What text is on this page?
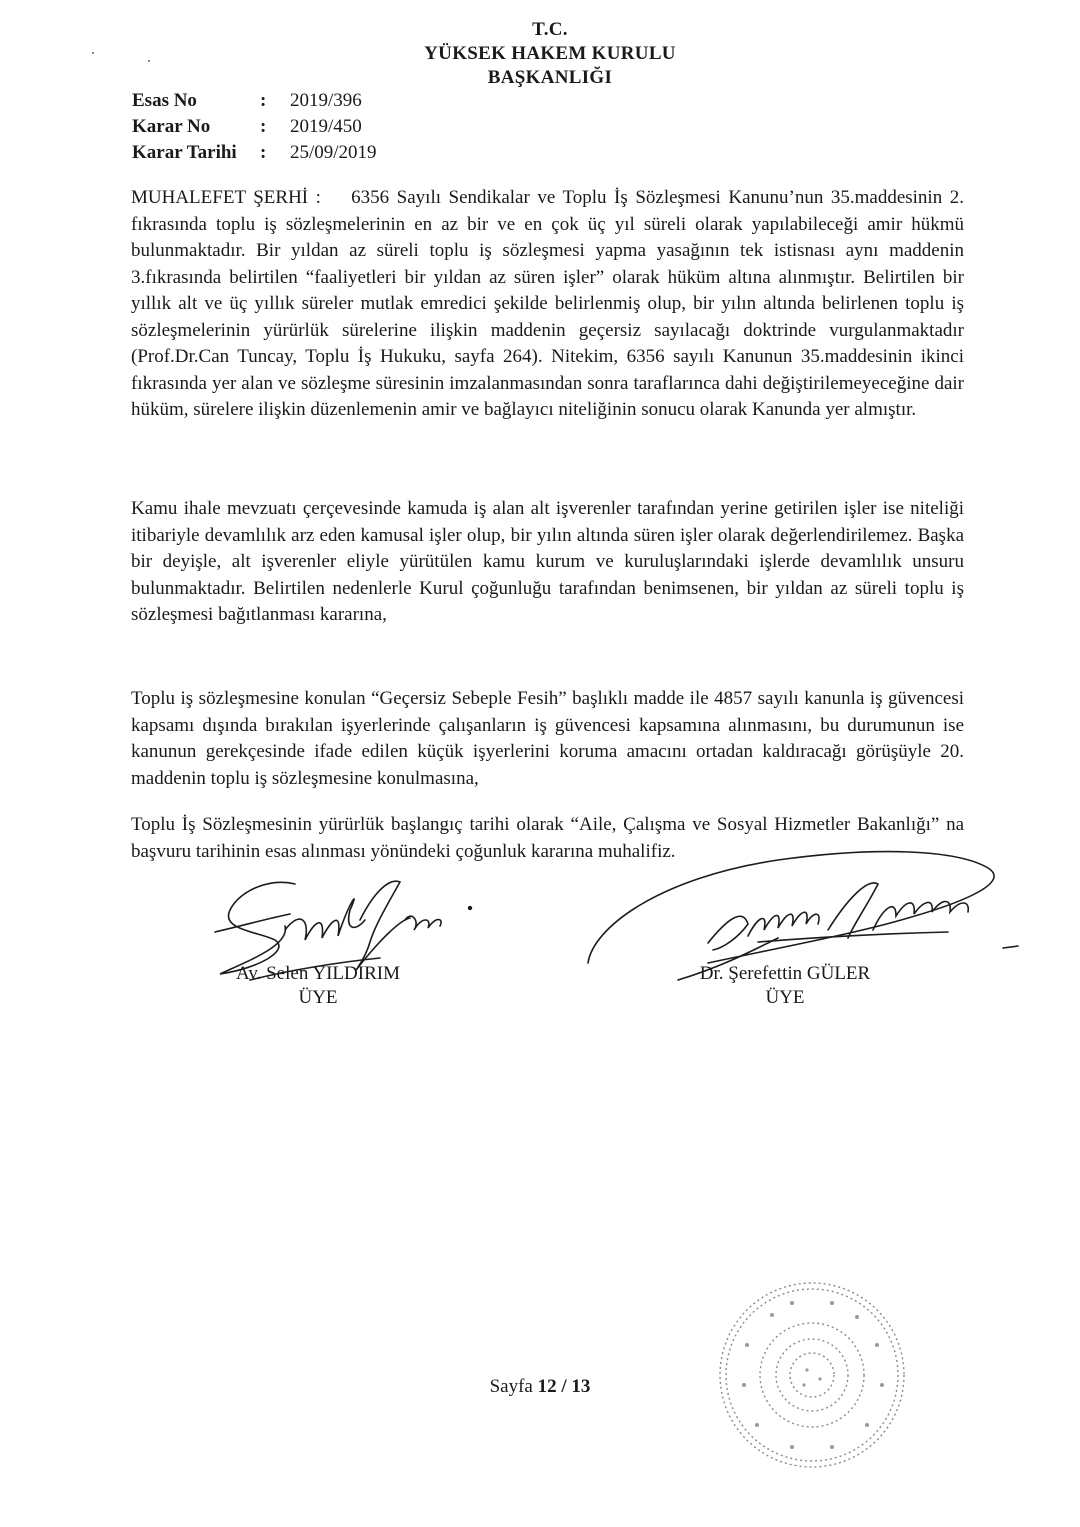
T.C.
YÜKSEK HAKEM KURULU
BAŞKANLIĞI
Esas No	:	2019/396
Karar No	:	2019/450
Karar Tarihi	:	25/09/2019
MUHALEFET ŞERHİ : 6356 Sayılı Sendikalar ve Toplu İş Sözleşmesi Kanunu’nun 35.maddesinin 2. fıkrasında toplu iş sözleşmelerinin en az bir ve en çok üç yıl süreli olarak yapılabileceği amir hükmü bulunmaktadır. Bir yıldan az süreli toplu iş sözleşmesi yapma yasağının tek istisnası aynı maddenin 3.fıkrasında belirtilen “faaliyetleri bir yıldan az süren işler” olarak hüküm altına alınmıştır. Belirtilen bir yıllık alt ve üç yıllık süreler mutlak emredici şekilde belirlenmiş olup, bir yılın altında belirlenen toplu iş sözleşmelerinin yürürlük sürelerine ilişkin maddenin geçersiz sayılacağı doktrinde vurgulanmaktadır (Prof.Dr.Can Tuncay, Toplu İş Hukuku, sayfa 264). Nitekim, 6356 sayılı Kanunun 35.maddesinin ikinci fıkrasında yer alan ve sözleşme süresinin imzalanmasından sonra taraflarınca dahi değiştirilemeyeceğine dair hüküm, sürelere ilişkin düzenlemenin amir ve bağlayıcı niteliğinin sonucu olarak Kanunda yer almıştır.
Kamu ihale mevzuatı çerçevesinde kamuda iş alan alt işverenler tarafından yerine getirilen işler ise niteliği itibariyle devamlılık arz eden kamusal işler olup, bir yılın altında süren işler olarak değerlendirilemez. Başka bir deyişle, alt işverenler eliyle yürütülen kamu kurum ve kuruluşlarındaki işlerde devamlılık unsuru bulunmaktadır. Belirtilen nedenlerle Kurul çoğunluğu tarafından benimsenen, bir yıldan az süreli toplu iş sözleşmesi bağıtlanması kararına,
Toplu iş sözleşmesine konulan “Geçersiz Sebeple Fesih” başlıklı madde ile 4857 sayılı kanunla iş güvencesi kapsamı dışında bırakılan işyerlerinde çalışanların iş güvencesi kapsamına alınmasını, bu durumunun ise kanunun gerekçesinde ifade edilen küçük işyerlerini koruma amacını ortadan kaldıracağı görüşüyle 20. maddenin toplu iş sözleşmesine konulmasına,
Toplu İş Sözleşmesinin yürürlük başlangıç tarihi olarak “Aile, Çalışma ve Sosyal Hizmetler Bakanlığı” na başvuru tarihinin esas alınması yönündeki çoğunluk kararına muhalifiz.
Av. Selen YILDIRIM
ÜYE
Dr. Şerefettin GÜLER
ÜYE
Sayfa 12 / 13
